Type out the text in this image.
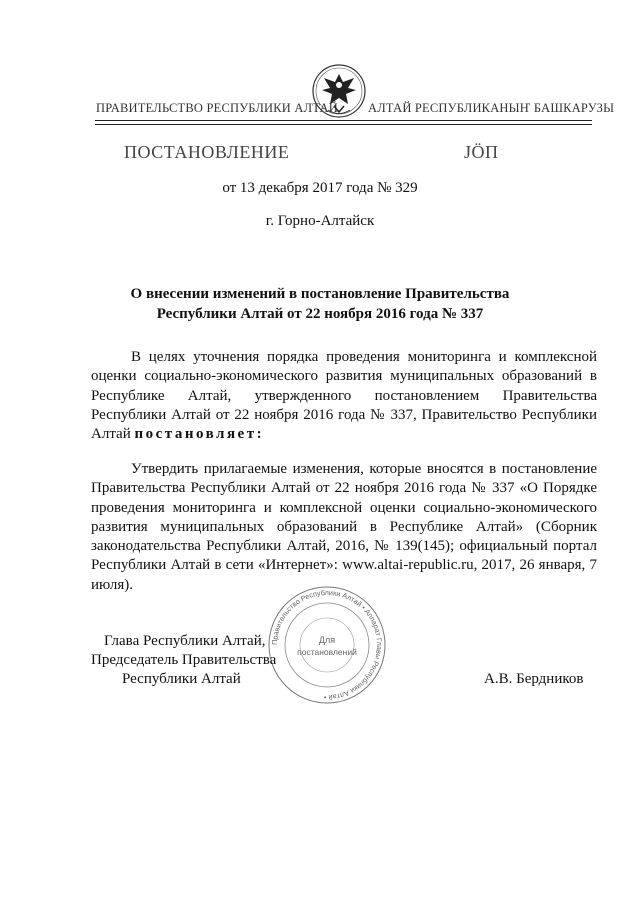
ПРАВИТЕЛЬСТВО РЕСПУБЛИКИ АЛТАЙ АЛТАЙ РЕСПУБЛИКАНЫҤ БАШКАРУЗЫ
ПОСТАНОВЛЕНИЕ	JÖП
от 13 декабря 2017 года № 329
г. Горно-Алтайск
О внесении изменений в постановление Правительства
Республики Алтай от 22 ноября 2016 года № 337
В целях уточнения порядка проведения мониторинга и комплексной оценки социально-экономического развития муниципальных образований в Республике Алтай, утвержденного постановлением Правительства Республики Алтай от 22 ноября 2016 года № 337, Правительство Республики Алтай постановляет:
Утвердить прилагаемые изменения, которые вносятся в постановление Правительства Республики Алтай от 22 ноября 2016 года № 337 «О Порядке проведения мониторинга и комплексной оценки социально-экономического развития муниципальных образований в Республике Алтай» (Сборник законодательства Республики Алтай, 2016, № 139(145); официальный портал Республики Алтай в сети «Интернет»: www.altai-republic.ru, 2017, 26 января, 7 июля).
Правительство Республики Алтай • Аппарат Главы Республики Алтай •
Для
постановлений
Глава Республики Алтай,
Председатель Правительства
Республики Алтай	А.В. Бердников
